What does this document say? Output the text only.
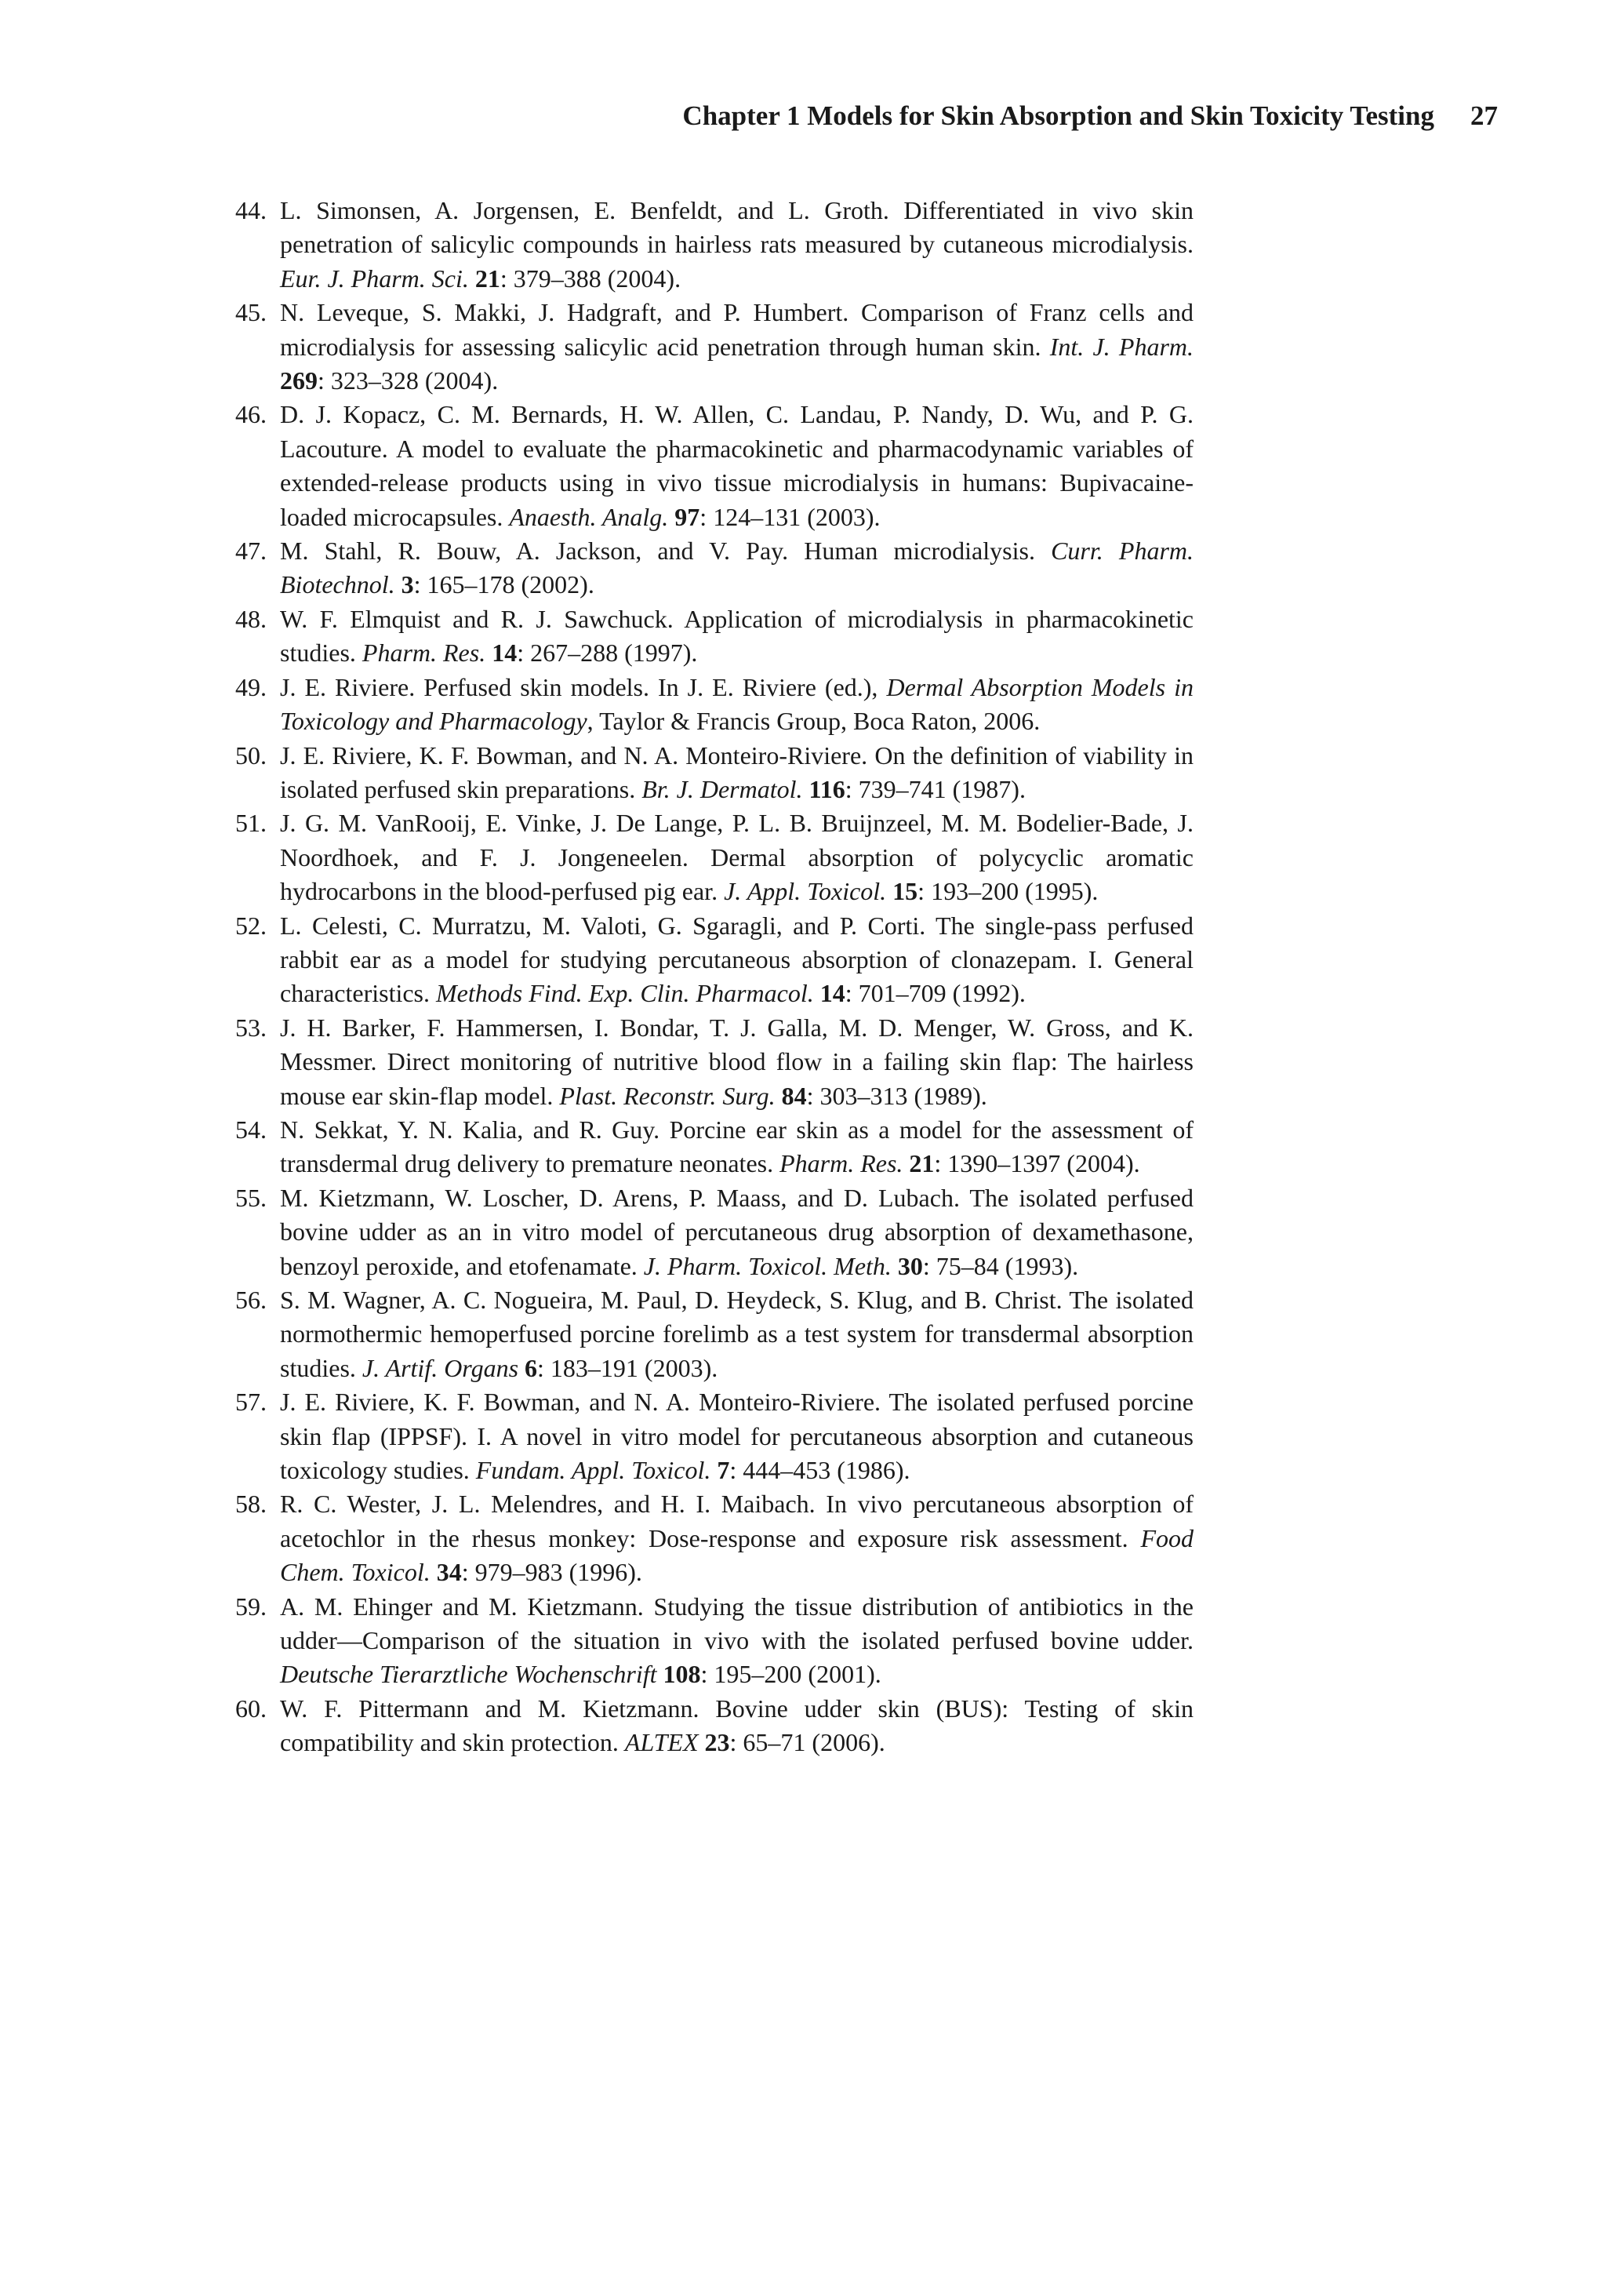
Chapter 1 Models for Skin Absorption and Skin Toxicity Testing 27
44. L. Simonsen, A. Jorgensen, E. Benfeldt, and L. Groth. Differentiated in vivo skin penetration of salicylic compounds in hairless rats measured by cutaneous microdialysis. Eur. J. Pharm. Sci. 21: 379–388 (2004).
45. N. Leveque, S. Makki, J. Hadgraft, and P. Humbert. Comparison of Franz cells and microdialysis for assessing salicylic acid penetration through human skin. Int. J. Pharm. 269: 323–328 (2004).
46. D. J. Kopacz, C. M. Bernards, H. W. Allen, C. Landau, P. Nandy, D. Wu, and P. G. Lacouture. A model to evaluate the pharmacokinetic and pharmacodynamic variables of extended-release products using in vivo tissue microdialysis in humans: Bupivacaine-loaded microcapsules. Anaesth. Analg. 97: 124–131 (2003).
47. M. Stahl, R. Bouw, A. Jackson, and V. Pay. Human microdialysis. Curr. Pharm. Biotechnol. 3: 165–178 (2002).
48. W. F. Elmquist and R. J. Sawchuck. Application of microdialysis in pharmacokinetic studies. Pharm. Res. 14: 267–288 (1997).
49. J. E. Riviere. Perfused skin models. In J. E. Riviere (ed.), Dermal Absorption Models in Toxicology and Pharmacology, Taylor & Francis Group, Boca Raton, 2006.
50. J. E. Riviere, K. F. Bowman, and N. A. Monteiro-Riviere. On the definition of viability in isolated perfused skin preparations. Br. J. Dermatol. 116: 739–741 (1987).
51. J. G. M. VanRooij, E. Vinke, J. De Lange, P. L. B. Bruijnzeel, M. M. Bodelier-Bade, J. Noordhoek, and F. J. Jongeneelen. Dermal absorption of polycyclic aromatic hydrocarbons in the blood-perfused pig ear. J. Appl. Toxicol. 15: 193–200 (1995).
52. L. Celesti, C. Murratzu, M. Valoti, G. Sgaragli, and P. Corti. The single-pass perfused rabbit ear as a model for studying percutaneous absorption of clonazepam. I. General characteristics. Methods Find. Exp. Clin. Pharmacol. 14: 701–709 (1992).
53. J. H. Barker, F. Hammersen, I. Bondar, T. J. Galla, M. D. Menger, W. Gross, and K. Messmer. Direct monitoring of nutritive blood flow in a failing skin flap: The hairless mouse ear skin-flap model. Plast. Reconstr. Surg. 84: 303–313 (1989).
54. N. Sekkat, Y. N. Kalia, and R. Guy. Porcine ear skin as a model for the assessment of transdermal drug delivery to premature neonates. Pharm. Res. 21: 1390–1397 (2004).
55. M. Kietzmann, W. Loscher, D. Arens, P. Maass, and D. Lubach. The isolated perfused bovine udder as an in vitro model of percutaneous drug absorption of dexamethasone, benzoyl peroxide, and etofenamate. J. Pharm. Toxicol. Meth. 30: 75–84 (1993).
56. S. M. Wagner, A. C. Nogueira, M. Paul, D. Heydeck, S. Klug, and B. Christ. The isolated normothermic hemoperfused porcine forelimb as a test system for transdermal absorption studies. J. Artif. Organs 6: 183–191 (2003).
57. J. E. Riviere, K. F. Bowman, and N. A. Monteiro-Riviere. The isolated perfused porcine skin flap (IPPSF). I. A novel in vitro model for percutaneous absorption and cutaneous toxicology studies. Fundam. Appl. Toxicol. 7: 444–453 (1986).
58. R. C. Wester, J. L. Melendres, and H. I. Maibach. In vivo percutaneous absorption of acetochlor in the rhesus monkey: Dose-response and exposure risk assessment. Food Chem. Toxicol. 34: 979–983 (1996).
59. A. M. Ehinger and M. Kietzmann. Studying the tissue distribution of antibiotics in the udder—Comparison of the situation in vivo with the isolated perfused bovine udder. Deutsche Tierarztliche Wochenschrift 108: 195–200 (2001).
60. W. F. Pittermann and M. Kietzmann. Bovine udder skin (BUS): Testing of skin compatibility and skin protection. ALTEX 23: 65–71 (2006).
